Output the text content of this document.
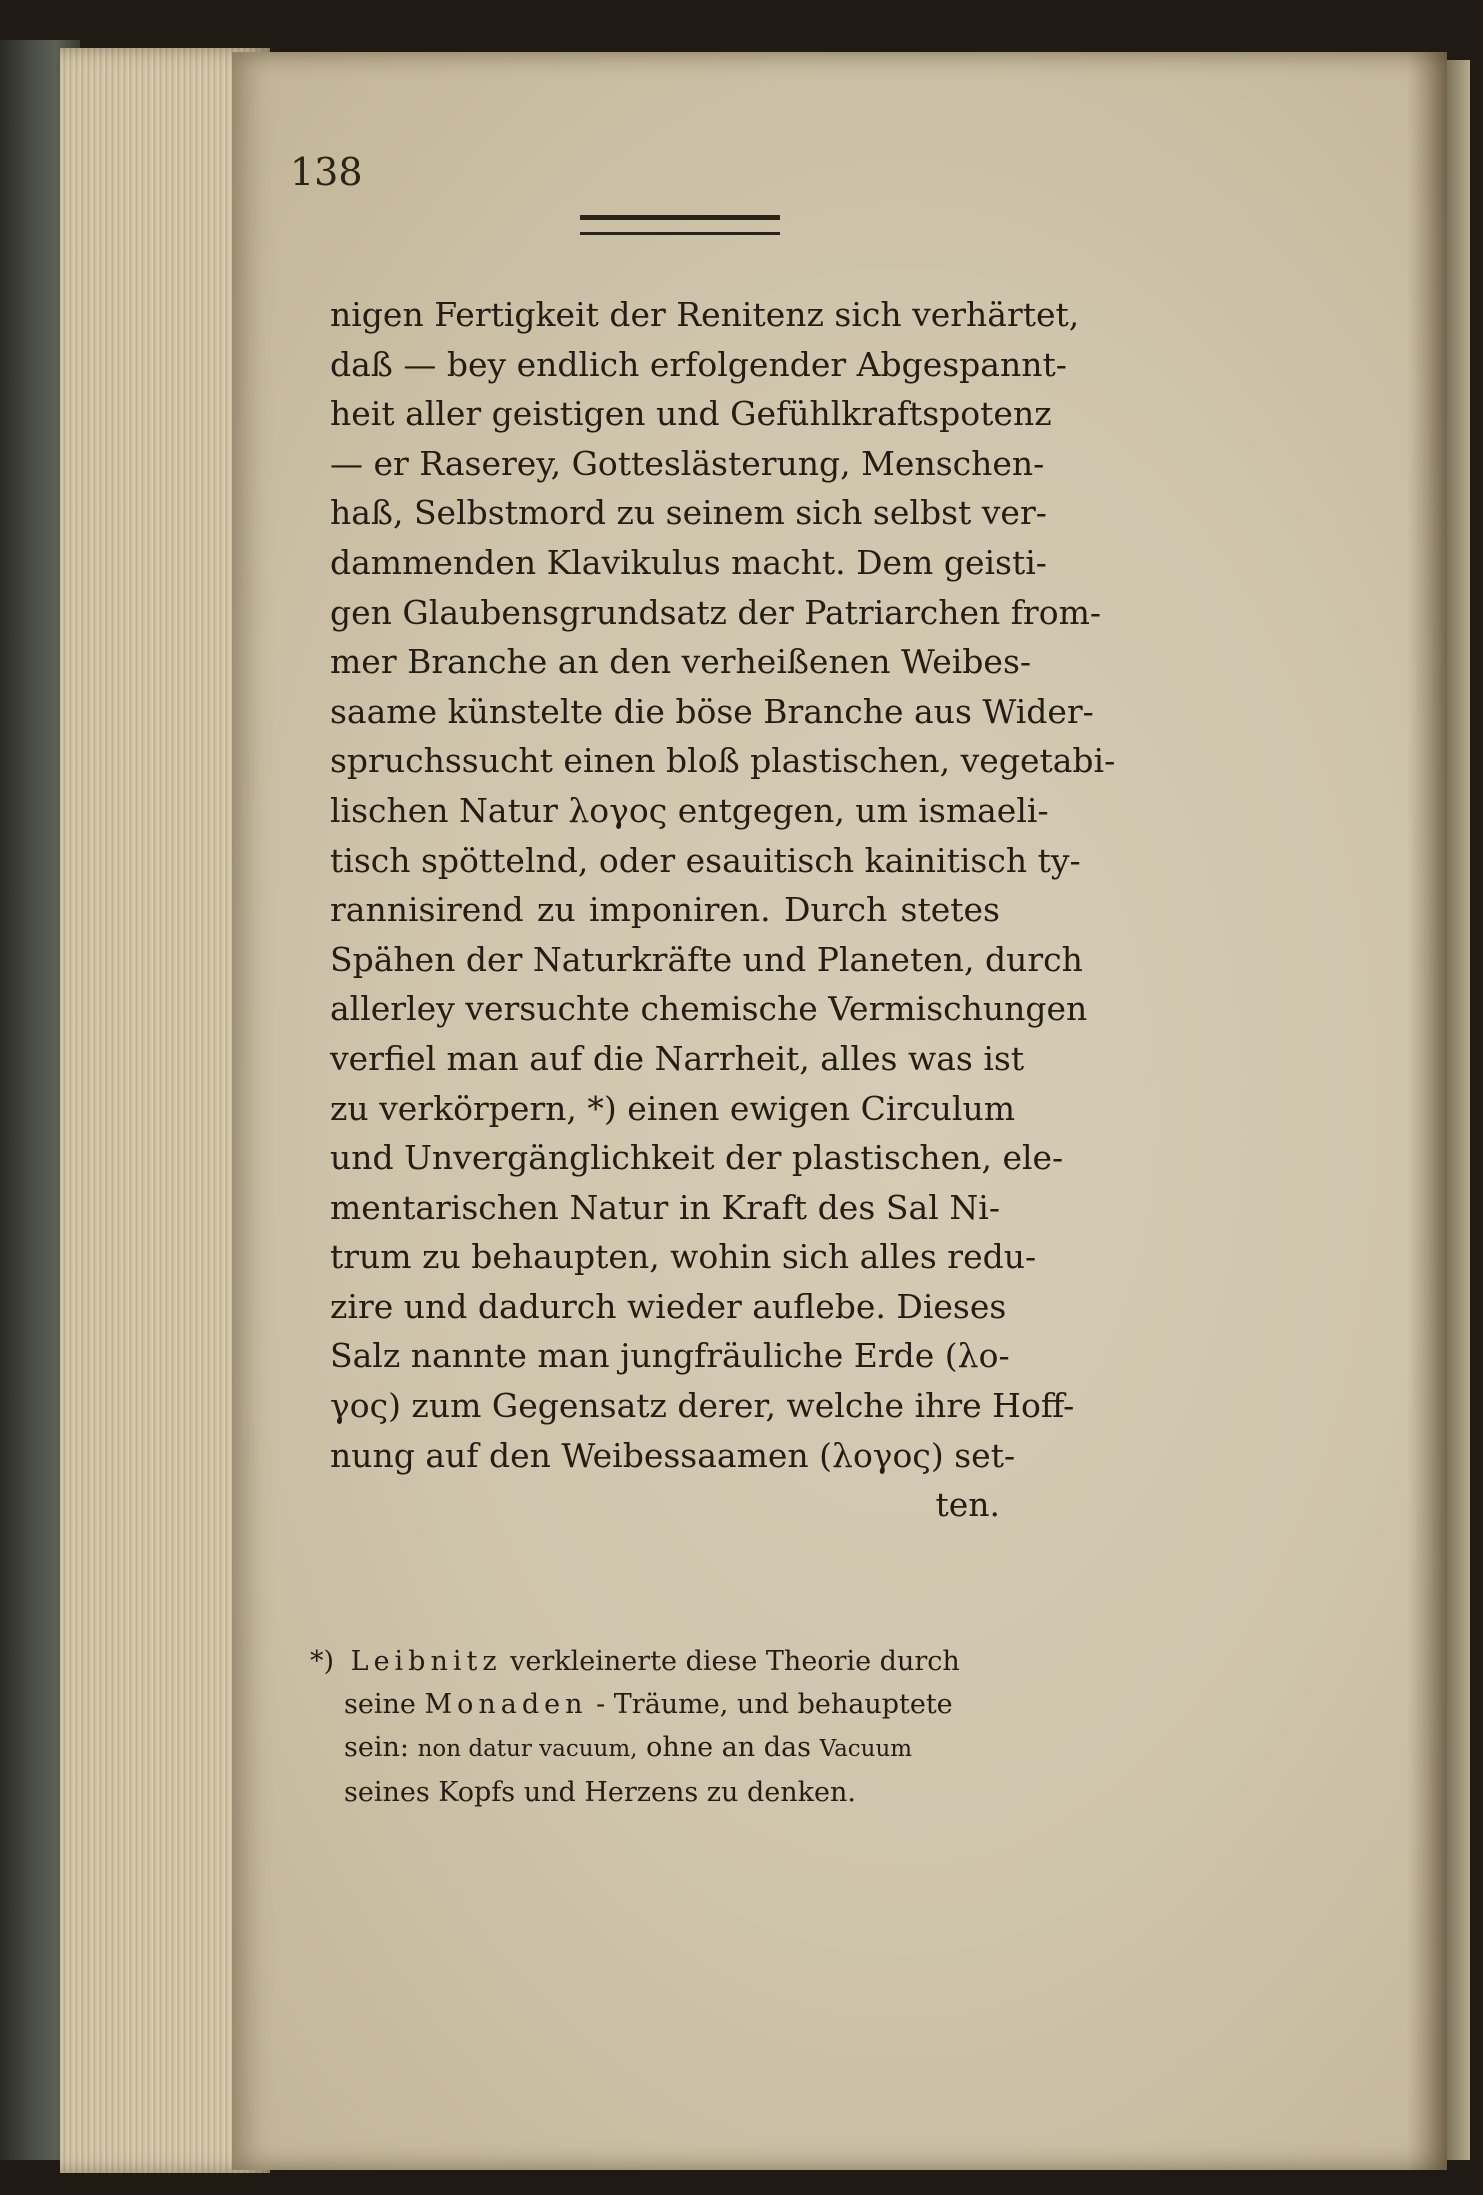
138
nigen Fertigkeit der Renitenz sich verhärtet,
daß — bey endlich erfolgender Abgespannt-
heit aller geistigen und Gefühlkraftspotenz
— er Raserey, Gotteslästerung, Menschen-
haß, Selbstmord zu seinem sich selbst ver-
dammenden Klavikulus macht. Dem geisti-
gen Glaubensgrundsatz der Patriarchen from-
mer Branche an den verheißenen Weibes-
saame künstelte die böse Branche aus Wider-
spruchssucht einen bloß plastischen, vegetabi-
lischen Natur λογος entgegen, um ismaeli-
tisch spöttelnd, oder esauitisch kainitisch ty-
rannisirend zu imponiren. Durch stetes
Spähen der Naturkräfte und Planeten, durch
allerley versuchte chemische Vermischungen
verfiel man auf die Narrheit, alles was ist
zu verkörpern, *) einen ewigen Circulum
und Unvergänglichkeit der plastischen, ele-
mentarischen Natur in Kraft des Sal Ni-
trum zu behaupten, wohin sich alles redu-
zire und dadurch wieder auflebe. Dieses
Salz nannte man jungfräuliche Erde (λο-
γος) zum Gegensatz derer, welche ihre Hoff-
nung auf den Weibessaamen (λογος) set-
ten.
*) Leibnitz verkleinerte diese Theorie durch
seine Monaden - Träume, und behauptete
sein: non datur vacuum, ohne an das Vacuum
seines Kopfs und Herzens zu denken.
